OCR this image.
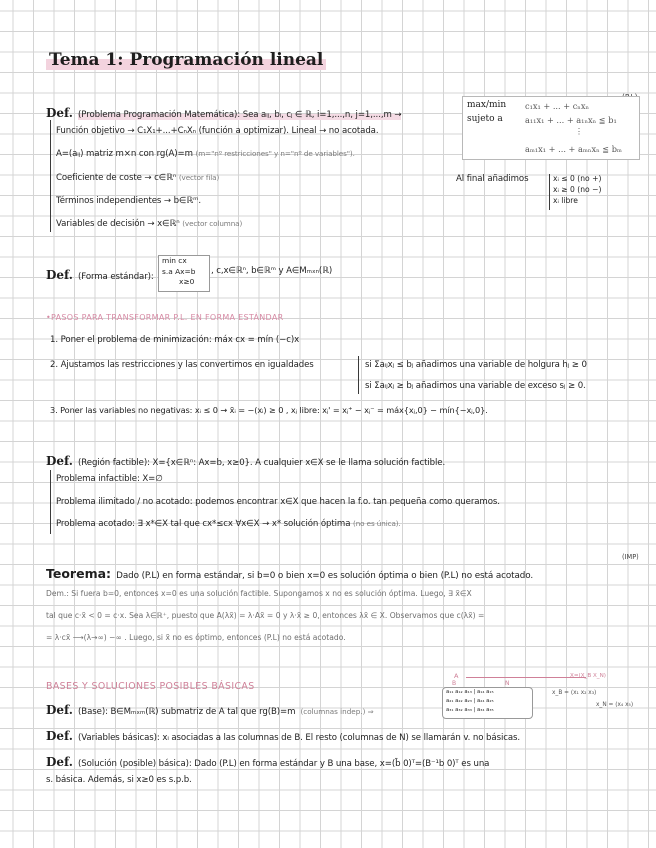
Tema 1: Programación lineal
Def. (Problema Programación Matemática): Sea aᵢⱼ, bᵢ, cⱼ ∈ ℝ, i=1,...,n, j=1,...,m →
Función objetivo → C₁X₁+...+CₙXₙ (función a optimizar). Lineal → no acotada.
A=(aᵢⱼ) matriz m×n con rg(A)=m (m="nº restricciones" y n="nº de variables").
Coeficiente de coste → c∈ℝⁿ (vector fila)
Términos independientes → b∈ℝᵐ.
Variables de decisión → x∈ℝⁿ (vector columna)
max/min c₁x₁ + ... + cₙxₙ
sujeto a	a₁₁x₁ + ... + a₁ₙxₙ ≦ b₁
⋮
aₘ₁x₁ + ... + aₘₙxₙ ≦ bₘ
Al final añadimos	xᵢ ≤ 0 (no +)
xᵢ ≥ 0 (no −)
xᵢ libre
Def. (Forma estándar):
min cx
s.a Ax=b
x≥0
, c,x∈ℝⁿ, b∈ℝᵐ y A∈Mₘₓₙ(ℝ)
•PASOS PARA TRANSFORMAR P.L. EN FORMA ESTÁNDAR
1. Poner el problema de minimización: máx cx = mín (−c)x
2. Ajustamos las restricciones y las convertimos en igualdades	si Σaᵢⱼxⱼ ≤ bⱼ añadimos una variable de holgura hⱼ ≥ 0
si Σaᵢⱼxⱼ ≥ bⱼ añadimos una variable de exceso sⱼ ≥ 0.
3. Poner las variables no negativas: xᵢ ≤ 0 → x̃ᵢ = −(xᵢ) ≥ 0 , xⱼ libre: xⱼ' = xⱼ⁺ − xⱼ⁻ = máx{xⱼ,0} − mín{−xⱼ,0}.
Def. (Región factible): X={x∈ℝⁿ: Ax=b, x≥0}. A cualquier x∈X se le llama solución factible.
Problema infactible: X=∅
Problema ilimitado / no acotado: podemos encontrar x∈X que hacen la f.o. tan pequeña como queramos.
Problema acotado: ∃ x*∈X tal que cx*≤cx ∀x∈X → x* solución óptima (no es única).
(IMP)
Teorema: Dado (P.L) en forma estándar, si b=0 o bien x=0 es solución óptima o bien (P.L) no está acotado.
Dem.: Si fuera b=0, entonces x=0 es una solución factible. Supongamos x no es solución óptima. Luego, ∃ x̃∈X
tal que c·x̃ < 0 = c·x. Sea λ∈ℝ⁺, puesto que A(λx̃) = λ·Ax̃ = 0 y λ·x̃ ≥ 0, entonces λx̃ ∈ X. Observamos que c(λx̃) =
= λ·cx̃ ⟶(λ→∞) −∞ . Luego, si x̃ no es óptimo, entonces (P.L) no está acotado.
BASES Y SOLUCIONES POSIBLES BÁSICAS
A
B	N
a₁₁ a₁₂ a₁₃ | a₁₄ a₁₅
a₂₁ a₂₂ a₂₃ | a₂₄ a₂₅
a₃₁ a₃₂ a₃₃ | a₃₄ a₃₅
X=(X_B X_N)
x_B = (x₁ x₂ x₃)
x_N = (x₄ x₅)
Def. (Base): B∈Mₘₓₘ(ℝ) submatriz de A tal que rg(B)=m (columnas indep.) ⇒
Def. (Variables básicas): xᵢ asociadas a las columnas de B. El resto (columnas de N) se llamarán v. no básicas.
Def. (Solución (posible) básica): Dado (P.L) en forma estándar y B una base, x=(b̄ 0)ᵀ=(B⁻¹b 0)ᵀ es una
s. básica. Además, si x≥0 es s.p.b.
